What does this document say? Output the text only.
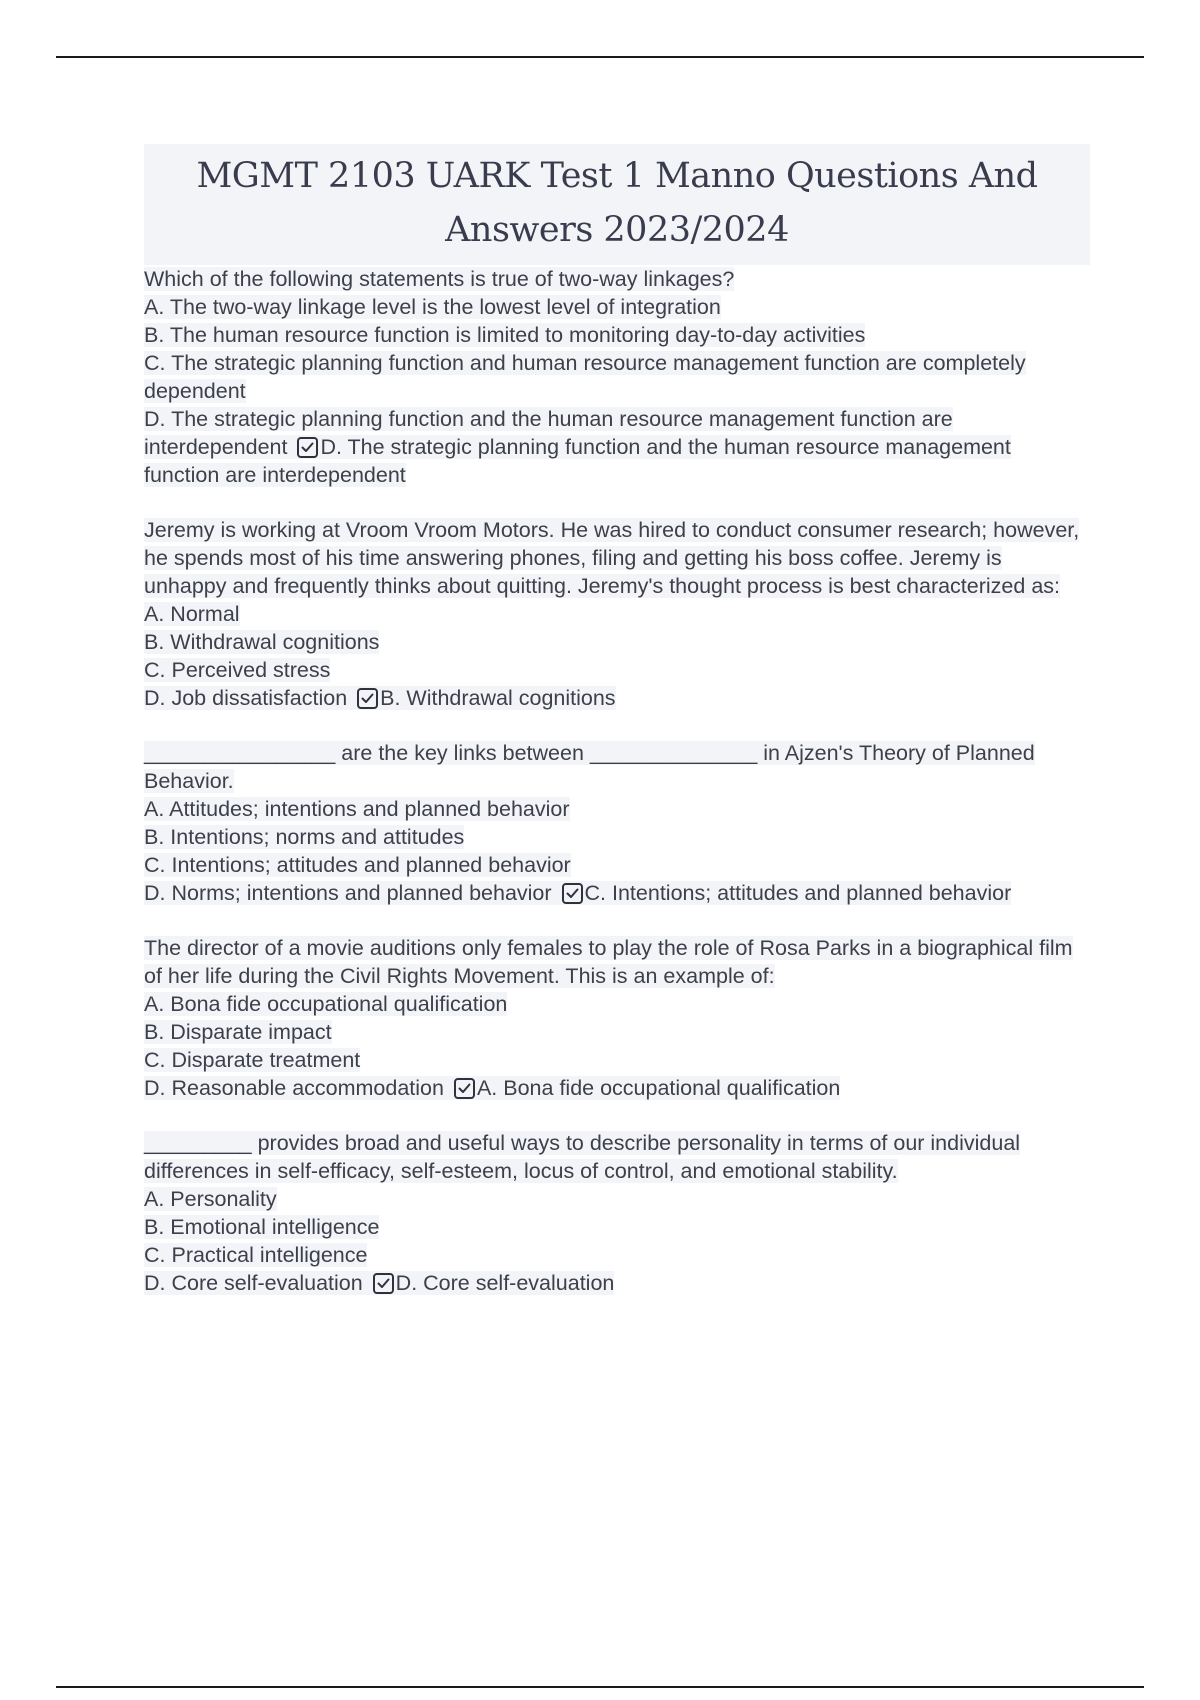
MGMT 2103 UARK Test 1 Manno Questions And Answers 2023/2024
Which of the following statements is true of two-way linkages?
A. The two-way linkage level is the lowest level of integration
B. The human resource function is limited to monitoring day-to-day activities
C. The strategic planning function and human resource management function are completely dependent
D. The strategic planning function and the human resource management function are interdependent D. The strategic planning function and the human resource management function are interdependent
Jeremy is working at Vroom Vroom Motors. He was hired to conduct consumer research; however, he spends most of his time answering phones, filing and getting his boss coffee. Jeremy is unhappy and frequently thinks about quitting. Jeremy's thought process is best characterized as:
A. Normal
B. Withdrawal cognitions
C. Perceived stress
D. Job dissatisfaction B. Withdrawal cognitions
________________ are the key links between ______________ in Ajzen's Theory of Planned Behavior.
A. Attitudes; intentions and planned behavior
B. Intentions; norms and attitudes
C. Intentions; attitudes and planned behavior
D. Norms; intentions and planned behavior C. Intentions; attitudes and planned behavior
The director of a movie auditions only females to play the role of Rosa Parks in a biographical film of her life during the Civil Rights Movement. This is an example of:
A. Bona fide occupational qualification
B. Disparate impact
C. Disparate treatment
D. Reasonable accommodation A. Bona fide occupational qualification
_________ provides broad and useful ways to describe personality in terms of our individual differences in self-efficacy, self-esteem, locus of control, and emotional stability.
A. Personality
B. Emotional intelligence
C. Practical intelligence
D. Core self-evaluation D. Core self-evaluation
